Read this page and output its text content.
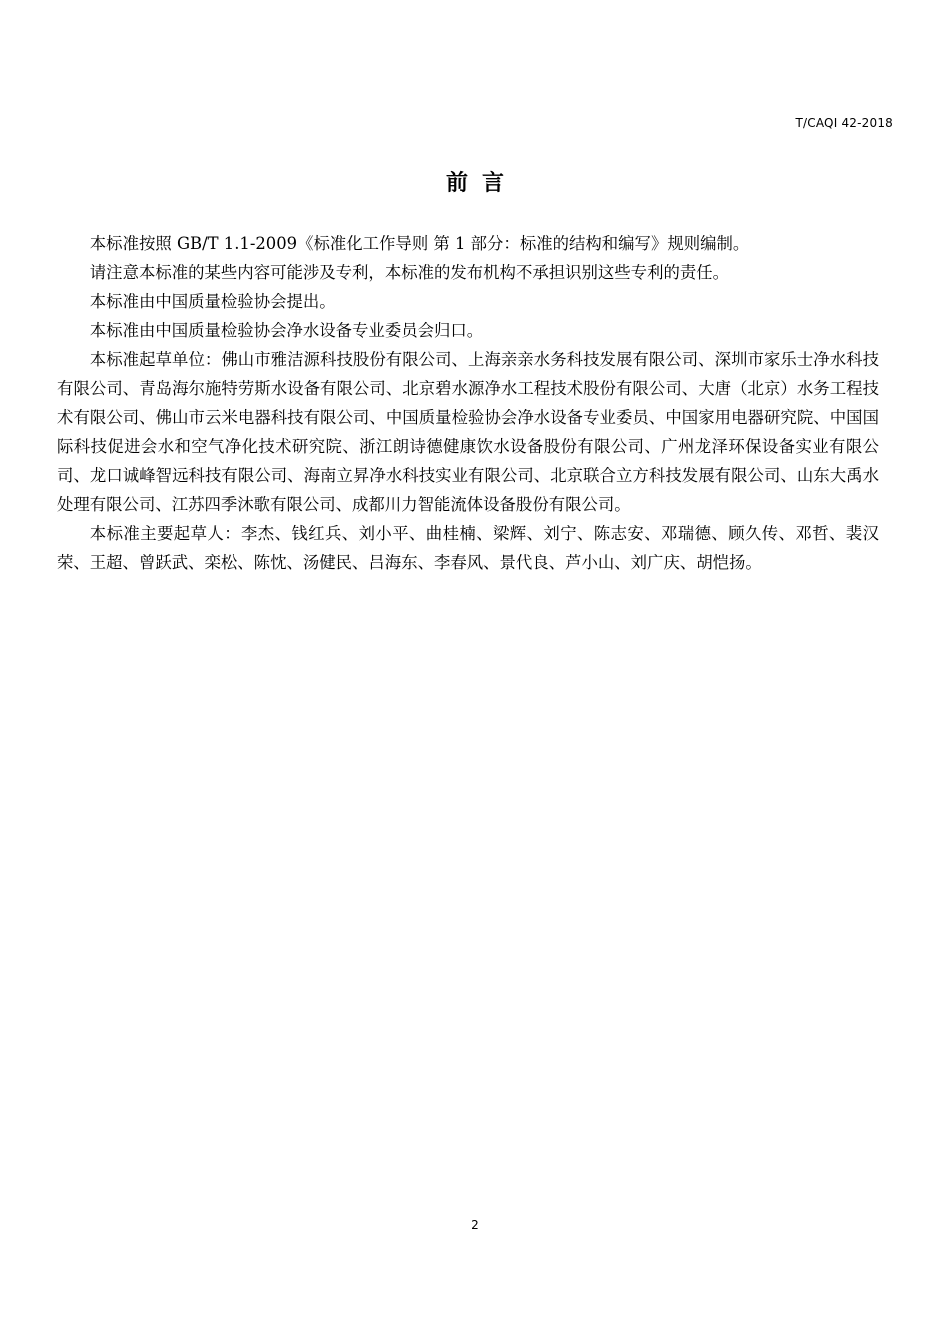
T/CAQI 42-2018
前言

本标准按照 GB/T 1.1-2009《标准化工作导则 第 1 部分：标准的结构和编写》规则编制。

请注意本标准的某些内容可能涉及专利，本标准的发布机构不承担识别这些专利的责任。

本标准由中国质量检验协会提出。

本标准由中国质量检验协会净水设备专业委员会归口。

本标准起草单位：佛山市雅洁源科技股份有限公司、上海亲亲水务科技发展有限公司、深圳市家乐士净水科技有限公司、青岛海尔施特劳斯水设备有限公司、北京碧水源净水工程技术股份有限公司、大唐（北京）水务工程技术有限公司、佛山市云米电器科技有限公司、中国质量检验协会净水设备专业委员、中国家用电器研究院、中国国际科技促进会水和空气净化技术研究院、浙江朗诗德健康饮水设备股份有限公司、广州龙泽环保设备实业有限公司、龙口诚峰智远科技有限公司、海南立昇净水科技实业有限公司、北京联合立方科技发展有限公司、山东大禹水处理有限公司、江苏四季沐歌有限公司、成都川力智能流体设备股份有限公司。

本标准主要起草人：李杰、钱红兵、刘小平、曲桂楠、梁辉、刘宁、陈志安、邓瑞德、顾久传、邓哲、裴汉荣、王超、曾跃武、栾松、陈忱、汤健民、吕海东、李春风、景代良、芦小山、刘广庆、胡恺扬。

2
